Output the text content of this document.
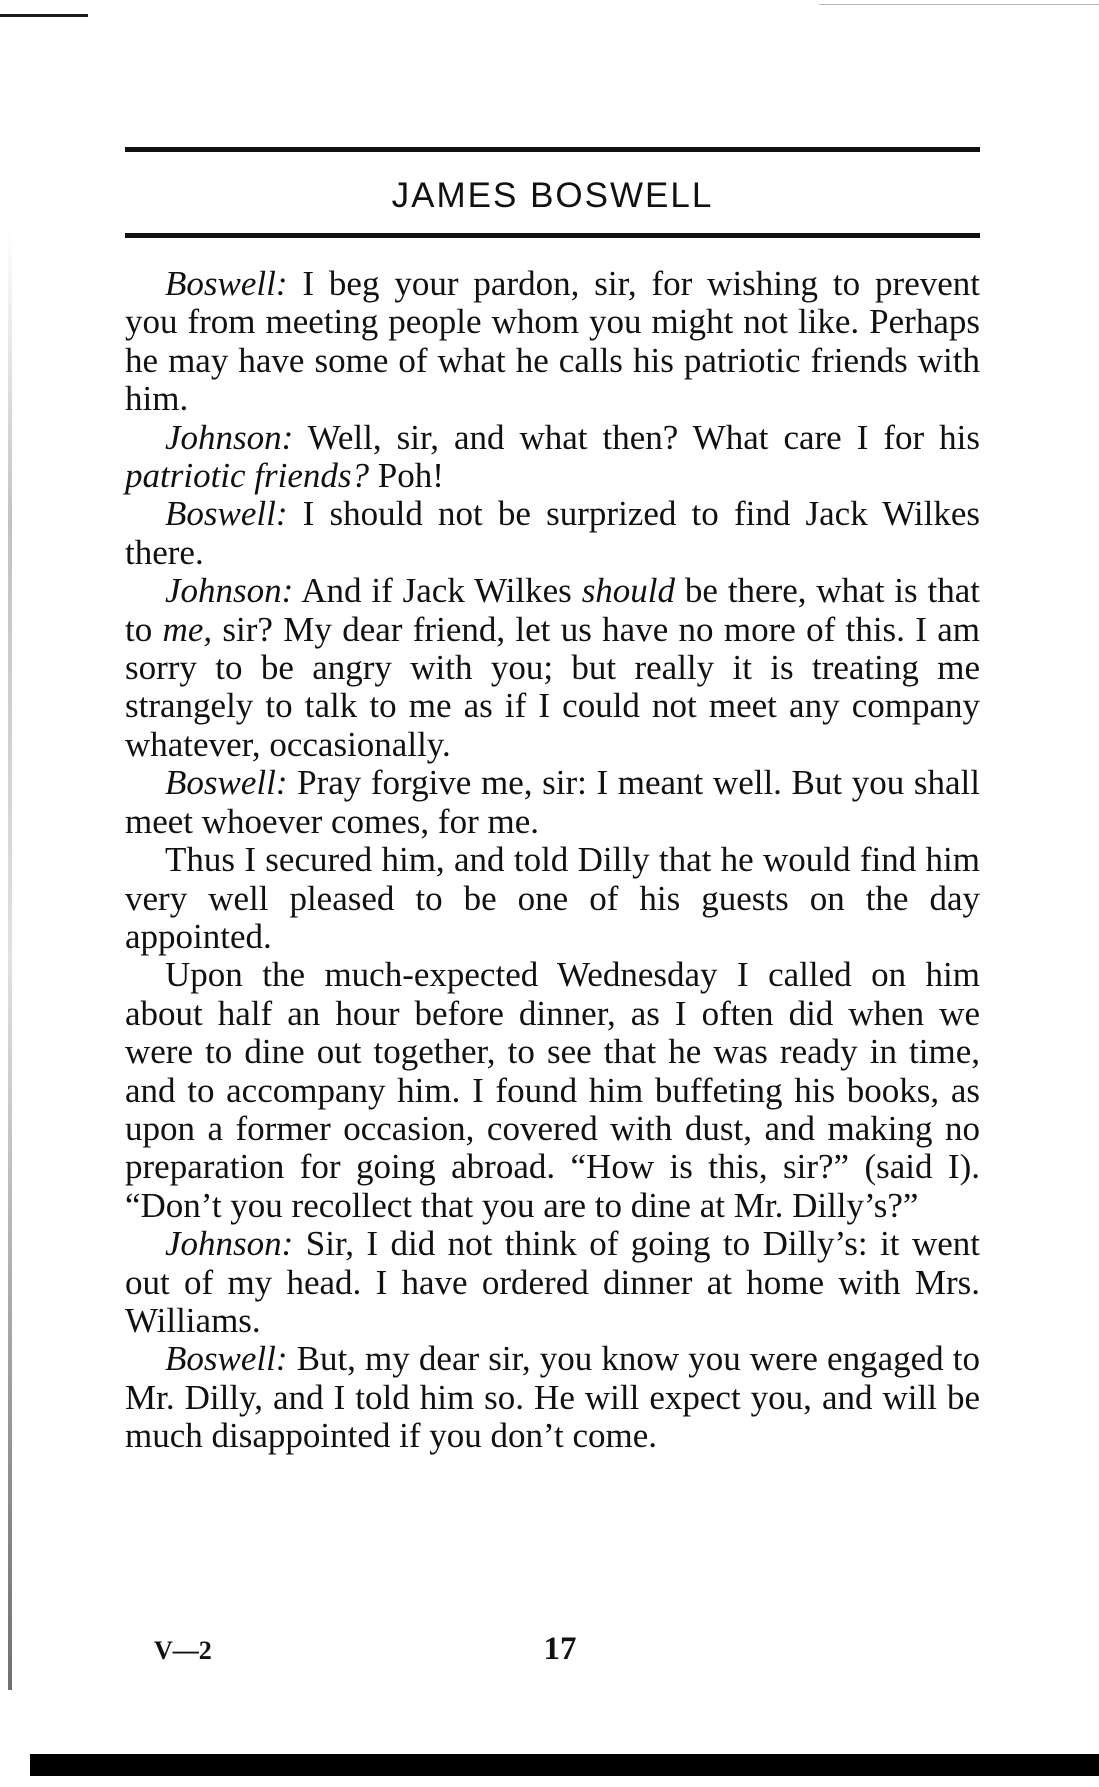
JAMES BOSWELL

Boswell: I beg your pardon, sir, for wishing to prevent you from meeting people whom you might not like. Perhaps he may have some of what he calls his patriotic friends with him.

Johnson: Well, sir, and what then? What care I for his patriotic friends? Poh!

Boswell: I should not be surprized to find Jack Wilkes there.

Johnson: And if Jack Wilkes should be there, what is that to me, sir? My dear friend, let us have no more of this. I am sorry to be angry with you; but really it is treating me strangely to talk to me as if I could not meet any company whatever, occasionally.

Boswell: Pray forgive me, sir: I meant well. But you shall meet whoever comes, for me.

Thus I secured him, and told Dilly that he would find him very well pleased to be one of his guests on the day appointed.

Upon the much-expected Wednesday I called on him about half an hour before dinner, as I often did when we were to dine out together, to see that he was ready in time, and to accompany him. I found him buffeting his books, as upon a former occasion, covered with dust, and making no preparation for going abroad. “How is this, sir?” (said I). “Don’t you recollect that you are to dine at Mr. Dilly’s?”

Johnson: Sir, I did not think of going to Dilly’s: it went out of my head. I have ordered dinner at home with Mrs. Williams.

Boswell: But, my dear sir, you know you were engaged to Mr. Dilly, and I told him so. He will expect you, and will be much disappointed if you don’t come.

V—2	17
